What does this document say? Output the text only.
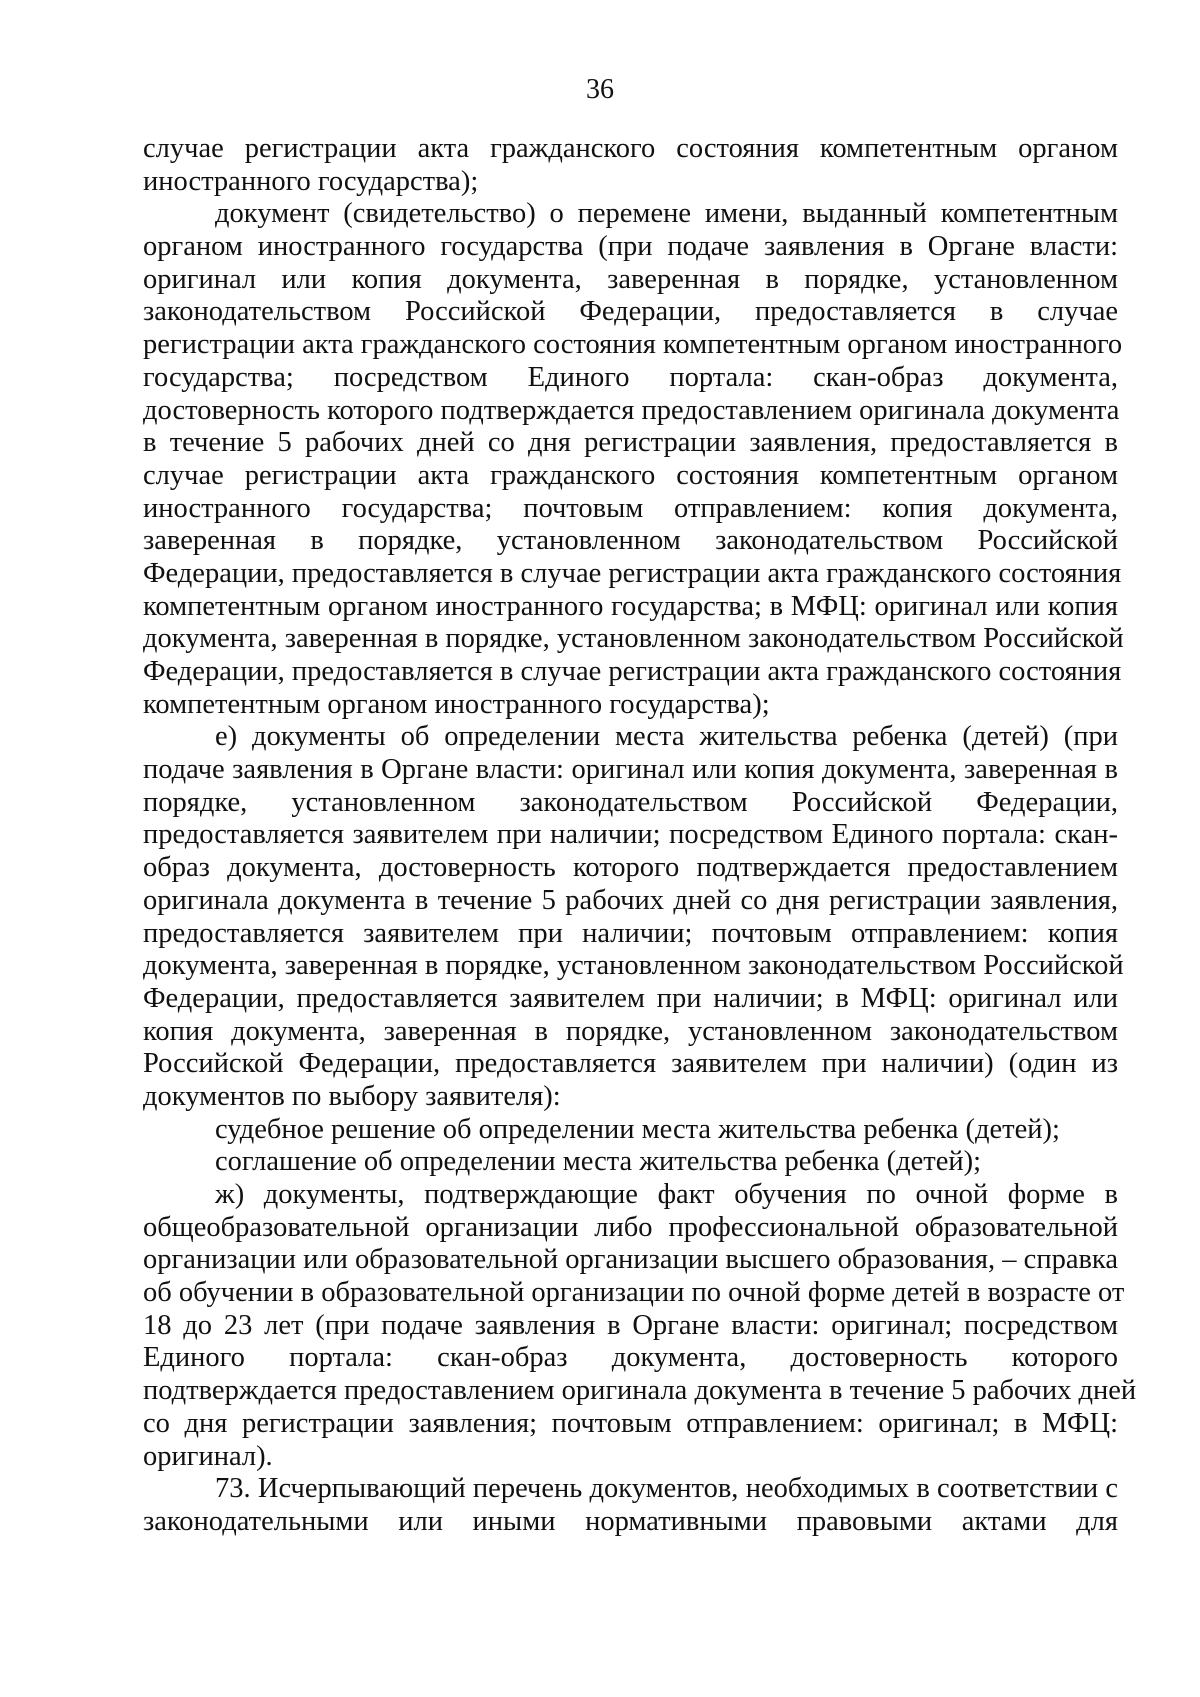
36
случае регистрации акта гражданского состояния компетентным органом
иностранного государства);
документ (свидетельство) о перемене имени, выданный компетентным
органом иностранного государства (при подаче заявления в Органе власти:
оригинал или копия документа, заверенная в порядке, установленном
законодательством Российской Федерации, предоставляется в случае
регистрации акта гражданского состояния компетентным органом иностранного
государства; посредством Единого портала: скан-образ документа,
достоверность которого подтверждается предоставлением оригинала документа
в течение 5 рабочих дней со дня регистрации заявления, предоставляется в
случае регистрации акта гражданского состояния компетентным органом
иностранного государства; почтовым отправлением: копия документа,
заверенная в порядке, установленном законодательством Российской
Федерации, предоставляется в случае регистрации акта гражданского состояния
компетентным органом иностранного государства; в МФЦ: оригинал или копия
документа, заверенная в порядке, установленном законодательством Российской
Федерации, предоставляется в случае регистрации акта гражданского состояния
компетентным органом иностранного государства);
е) документы об определении места жительства ребенка (детей) (при
подаче заявления в Органе власти: оригинал или копия документа, заверенная в
порядке, установленном законодательством Российской Федерации,
предоставляется заявителем при наличии; посредством Единого портала: скан-
образ документа, достоверность которого подтверждается предоставлением
оригинала документа в течение 5 рабочих дней со дня регистрации заявления,
предоставляется заявителем при наличии; почтовым отправлением: копия
документа, заверенная в порядке, установленном законодательством Российской
Федерации, предоставляется заявителем при наличии; в МФЦ: оригинал или
копия документа, заверенная в порядке, установленном законодательством
Российской Федерации, предоставляется заявителем при наличии) (один из
документов по выбору заявителя):
судебное решение об определении места жительства ребенка (детей);
соглашение об определении места жительства ребенка (детей);
ж) документы, подтверждающие факт обучения по очной форме в
общеобразовательной организации либо профессиональной образовательной
организации или образовательной организации высшего образования, – справка
об обучении в образовательной организации по очной форме детей в возрасте от
18 до 23 лет (при подаче заявления в Органе власти: оригинал; посредством
Единого портала: скан-образ документа, достоверность которого
подтверждается предоставлением оригинала документа в течение 5 рабочих дней
со дня регистрации заявления; почтовым отправлением: оригинал; в МФЦ:
оригинал).
73. Исчерпывающий перечень документов, необходимых в соответствии с
законодательными или иными нормативными правовыми актами для
